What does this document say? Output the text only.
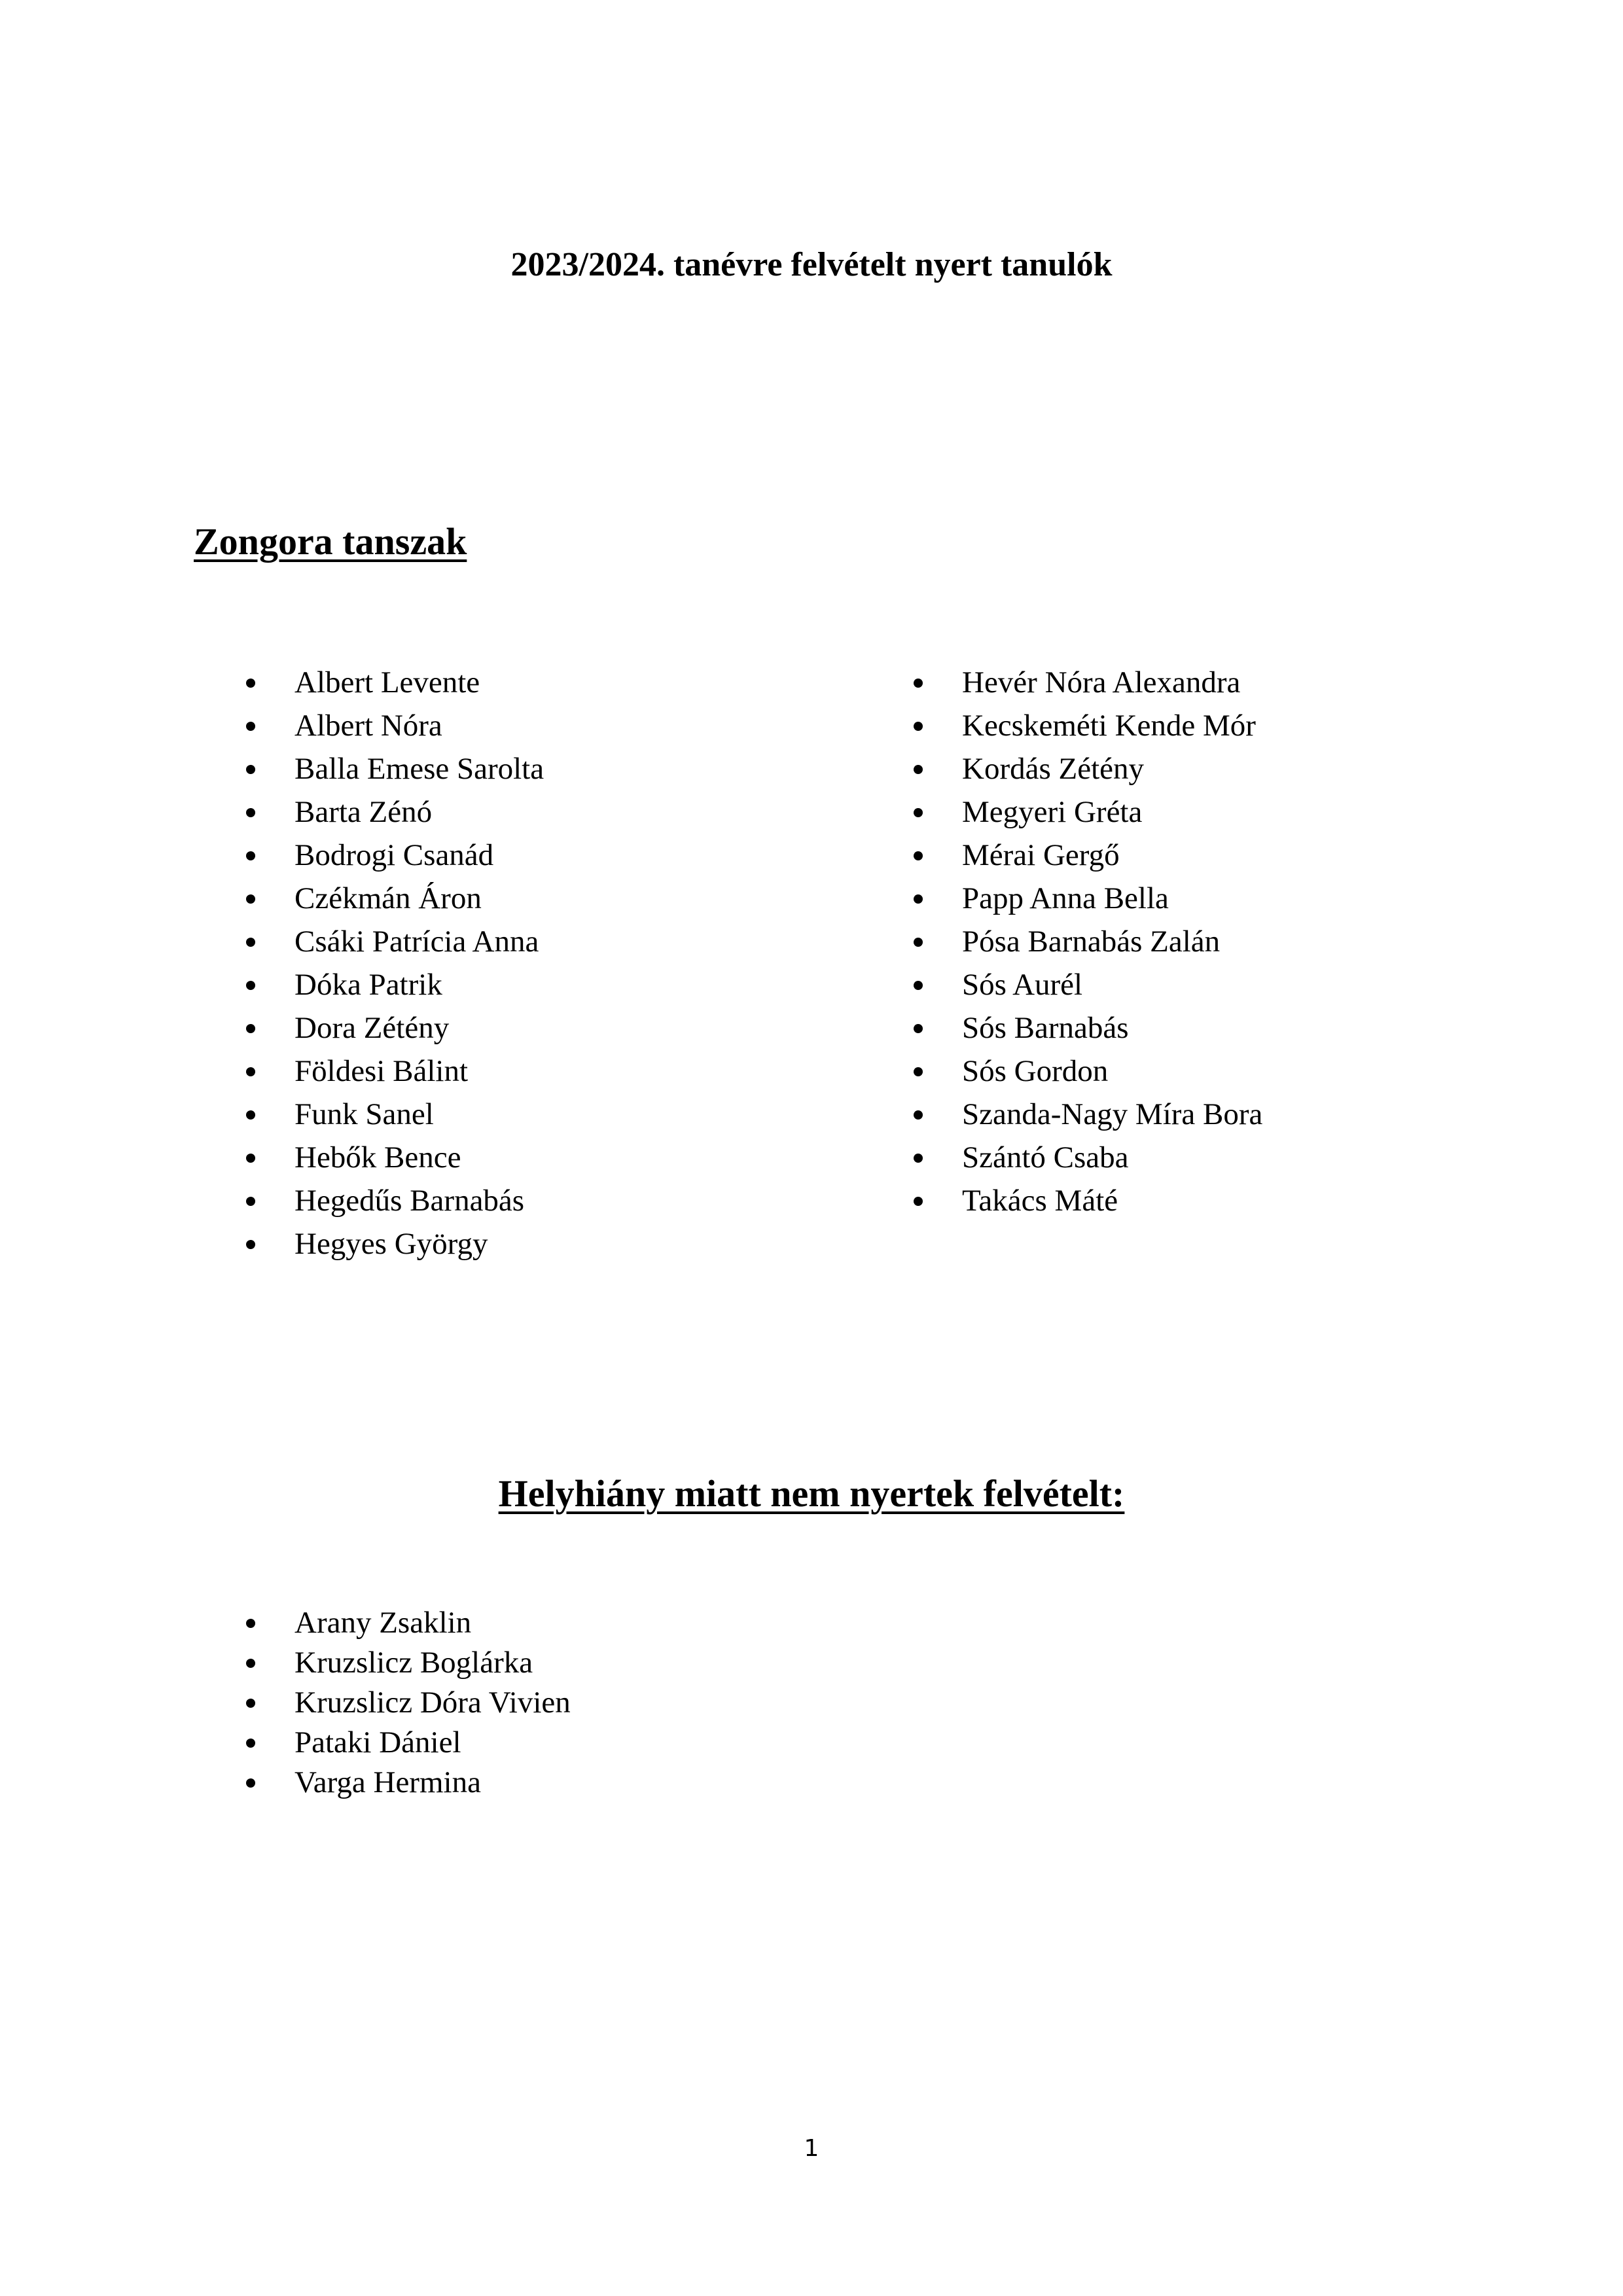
2023/2024. tanévre felvételt nyert tanulók
Zongora tanszak
Albert Levente
Albert Nóra
Balla Emese Sarolta
Barta Zénó
Bodrogi Csanád
Czékmán Áron
Csáki Patrícia Anna
Dóka Patrik
Dora Zétény
Földesi Bálint
Funk Sanel
Hebők Bence
Hegedűs Barnabás
Hegyes György
Hevér Nóra Alexandra
Kecskeméti Kende Mór
Kordás Zétény
Megyeri Gréta
Mérai Gergő
Papp Anna Bella
Pósa Barnabás Zalán
Sós Aurél
Sós Barnabás
Sós Gordon
Szanda-Nagy Míra Bora
Szántó Csaba
Takács Máté
Helyhiány miatt nem nyertek felvételt:
Arany Zsaklin
Kruzslicz Boglárka
Kruzslicz Dóra Vivien
Pataki Dániel
Varga Hermina
1
